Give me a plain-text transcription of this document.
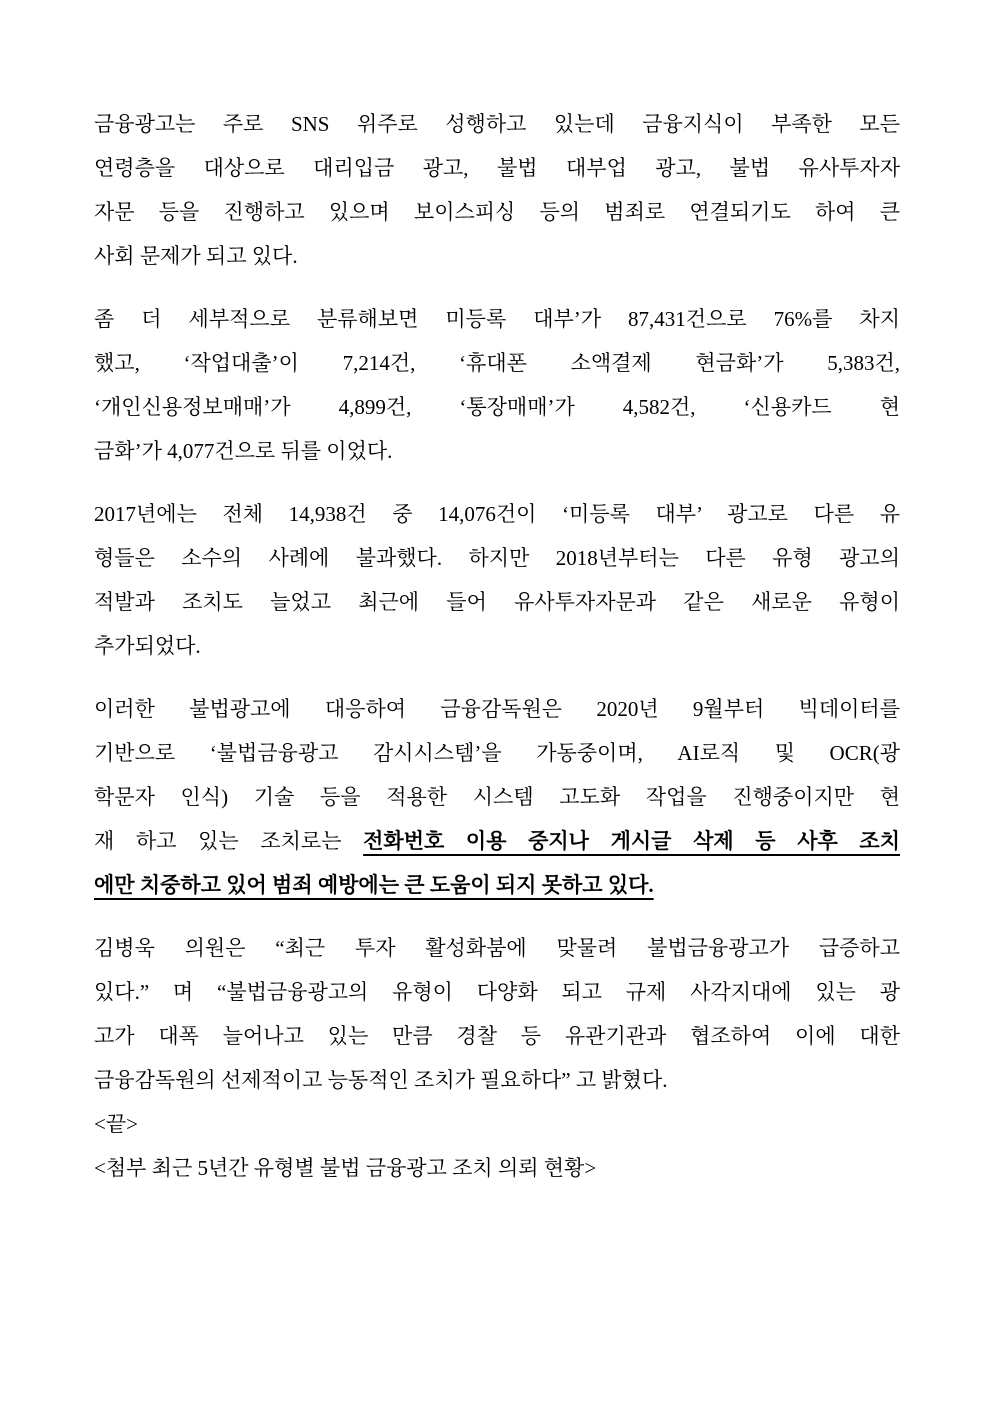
금융광고는 주로 SNS 위주로 성행하고 있는데 금융지식이 부족한 모든
연령층을 대상으로 대리입금 광고, 불법 대부업 광고, 불법 유사투자자
자문 등을 진행하고 있으며 보이스피싱 등의 범죄로 연결되기도 하여 큰
사회 문제가 되고 있다.

좀 더 세부적으로 분류해보면 미등록 대부’가 87,431건으로 76%를 차지
했고, ‘작업대출’이 7,214건, ‘휴대폰 소액결제 현금화’가 5,383건,
‘개인신용정보매매’가 4,899건, ‘통장매매’가 4,582건, ‘신용카드 현
금화’가 4,077건으로 뒤를 이었다.

2017년에는 전체 14,938건 중 14,076건이 ‘미등록 대부’ 광고로 다른 유
형들은 소수의 사례에 불과했다. 하지만 2018년부터는 다른 유형 광고의
적발과 조치도 늘었고 최근에 들어 유사투자자문과 같은 새로운 유형이
추가되었다.

이러한 불법광고에 대응하여 금융감독원은 2020년 9월부터 빅데이터를
기반으로 ‘불법금융광고 감시시스템’을 가동중이며, AI로직 및 OCR(광
학문자 인식) 기술 등을 적용한 시스템 고도화 작업을 진행중이지만 현
재 하고 있는 조치로는 전화번호 이용 중지나 게시글 삭제 등 사후 조치
에만 치중하고 있어 범죄 예방에는 큰 도움이 되지 못하고 있다.

김병욱 의원은 “최근 투자 활성화붐에 맞물려 불법금융광고가 급증하고
있다.” 며 “불법금융광고의 유형이 다양화 되고 규제 사각지대에 있는 광
고가 대폭 늘어나고 있는 만큼 경찰 등 유관기관과 협조하여 이에 대한
금융감독원의 선제적이고 능동적인 조치가 필요하다” 고 밝혔다.

<끝>

<첨부 최근 5년간 유형별 불법 금융광고 조치 의뢰 현황>
